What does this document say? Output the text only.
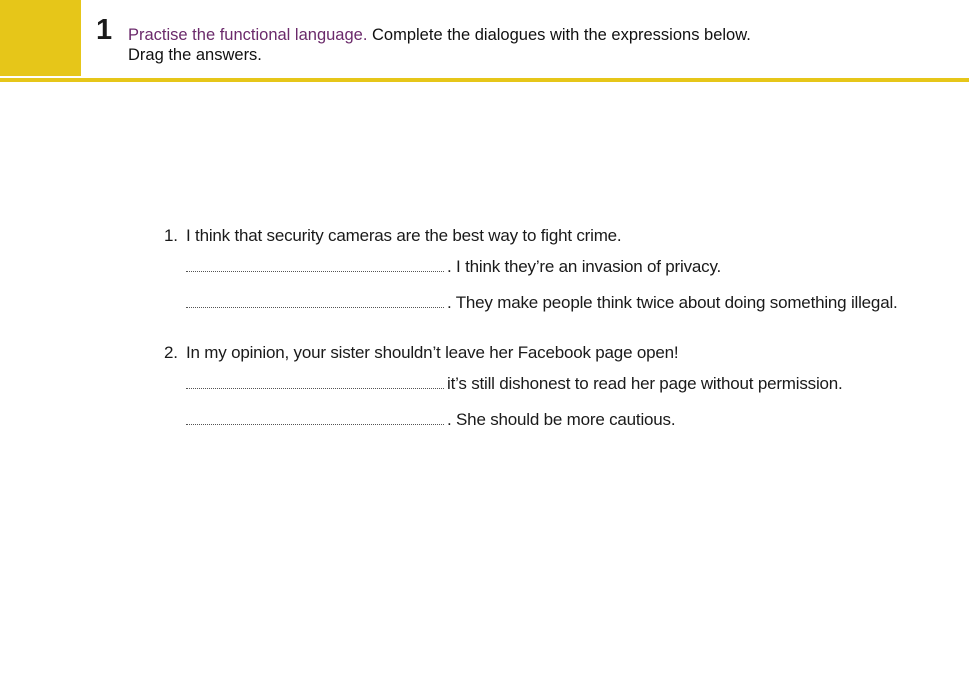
1 Practise the functional language. Complete the dialogues with the expressions below.
Drag the answers.
1. I think that security cameras are the best way to fight crime.
. I think they’re an invasion of privacy.
. They make people think twice about doing something illegal.
2. In my opinion, your sister shouldn’t leave her Facebook page open!
it’s still dishonest to read her page without permission.
. She should be more cautious.
